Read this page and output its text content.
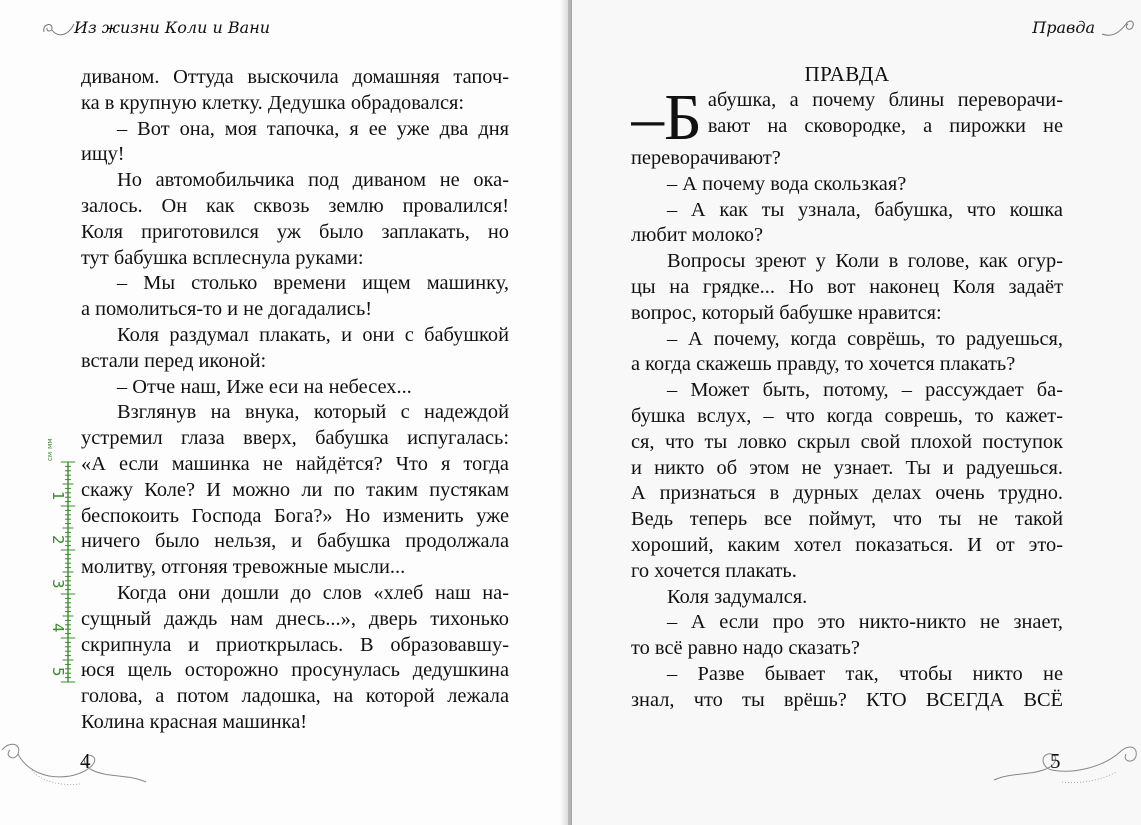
Из жизни Коли и Вани
диваном. Оттуда выскочила домашняя тапоч-
ка в крупную клетку. Дедушка обрадовался:
– Вот она, моя тапочка, я ее уже два дня
ищу!
Но автомобильчика под диваном не ока-
залось. Он как сквозь землю провалился!
Коля приготовился уж было заплакать, но
тут бабушка всплеснула руками:
– Мы столько времени ищем машинку,
а помолиться-то и не догадались!
Коля раздумал плакать, и они с бабушкой
встали перед иконой:
– Отче наш, Иже еси на небесех...
Взглянув на внука, который с надеждой
устремил глаза вверх, бабушка испугалась:
«А если машинка не найдётся? Что я тогда
скажу Коле? И можно ли по таким пустякам
беспокоить Господа Бога?» Но изменить уже
ничего было нельзя, и бабушка продолжала
молитву, отгоняя тревожные мысли...
Когда они дошли до слов «хлеб наш на-
сущный даждь нам днесь...», дверь тихонько
скрипнула и приоткрылась. В образовавшу-
юся щель осторожно просунулась дедушкина
голова, а потом ладошка, на которой лежала
Колина красная машинка!
4
мм
см
1
2
3
4
5
Правда
ПРАВДА
–Б абушка, а почему блины переворачи-
вают на сковородке, а пирожки не
переворачивают?
– А почему вода скользкая?
– А как ты узнала, бабушка, что кошка
любит молоко?
Вопросы зреют у Коли в голове, как огур-
цы на грядке... Но вот наконец Коля задаёт
вопрос, который бабушке нравится:
– А почему, когда соврёшь, то радуешься,
а когда скажешь правду, то хочется плакать?
– Может быть, потому, – рассуждает ба-
бушка вслух, – что когда соврешь, то кажет-
ся, что ты ловко скрыл свой плохой поступок
и никто об этом не узнает. Ты и радуешься.
А признаться в дурных делах очень трудно.
Ведь теперь все поймут, что ты не такой
хороший, каким хотел показаться. И от это-
го хочется плакать.
Коля задумался.
– А если про это никто-никто не знает,
то всё равно надо сказать?
– Разве бывает так, чтобы никто не
знал, что ты врёшь? КТО ВСЕГДА ВСЁ
5
